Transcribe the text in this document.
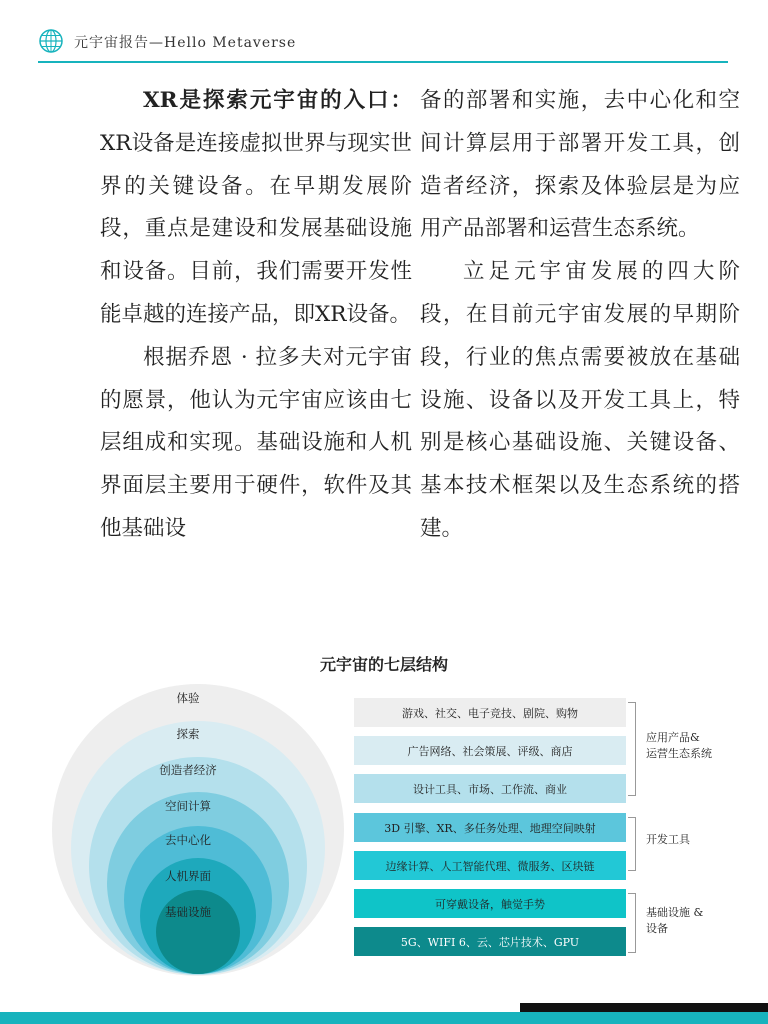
元宇宙报告—Hello Metaverse

XR是探索元宇宙的入口：XR设备是连接虚拟世界与现实世界的关键设备。在早期发展阶段，重点是建设和发展基础设施和设备。目前，我们需要开发性能卓越的连接产品，即XR设备。

根据乔恩 · 拉多夫对元宇宙的愿景，他认为元宇宙应该由七层组成和实现。基础设施和人机界面层主要用于硬件，软件及其他基础设

备的部署和实施，去中心化和空间计算层用于部署开发工具，创造者经济，探索及体验层是为应用产品部署和运营生态系统。

立足元宇宙发展的四大阶段，在目前元宇宙发展的早期阶段，行业的焦点需要被放在基础设施、设备以及开发工具上，特别是核心基础设施、关键设备、基本技术框架以及生态系统的搭建。

元宇宙的七层结构
体验
探索
创造者经济
空间计算
去中心化
人机界面
基础设施
游戏、社交、电子竞技、剧院、购物
广告网络、社会策展、评级、商店
设计工具、市场、工作流、商业
3D 引擎、XR、多任务处理、地理空间映射
边缘计算、人工智能代理、微服务、区块链
可穿戴设备，触觉手势
5G、WIFI 6、云、芯片技术、GPU
应用产品&
运营生态系统
开发工具
基础设施 &
设备
